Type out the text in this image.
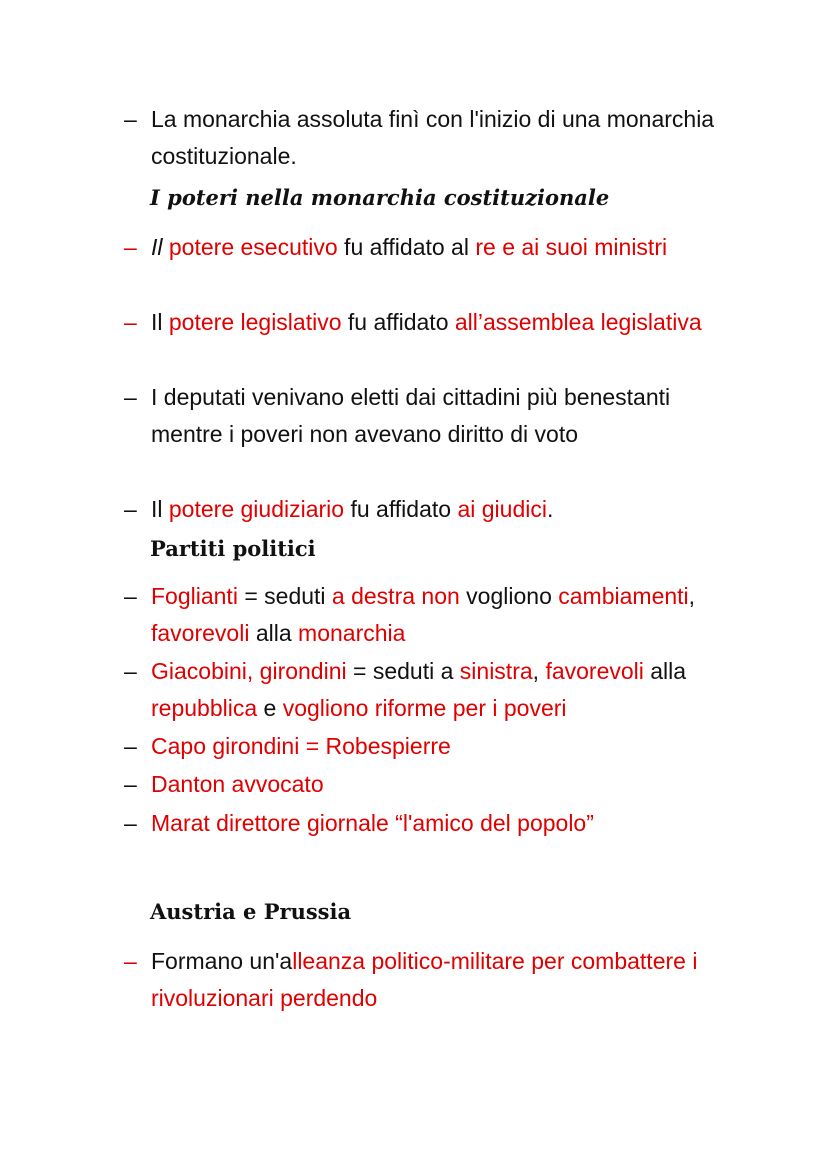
– La monarchia assoluta finì con l'inizio di una monarchia costituzionale.
I poteri nella monarchia costituzionale
– Il potere esecutivo fu affidato al re e ai suoi ministri
– Il potere legislativo fu affidato all’assemblea legislativa
– I deputati venivano eletti dai cittadini più benestanti mentre i poveri non avevano diritto di voto
– Il potere giudiziario fu affidato ai giudici.
Partiti politici
– Foglianti = seduti a destra non vogliono cambiamenti, favorevoli alla monarchia
– Giacobini, girondini = seduti a sinistra, favorevoli alla repubblica e vogliono riforme per i poveri
– Capo girondini = Robespierre
– Danton avvocato
– Marat direttore giornale “l'amico del popolo”
Austria e Prussia
– Formano un'alleanza politico-militare per combattere i rivoluzionari perdendo
